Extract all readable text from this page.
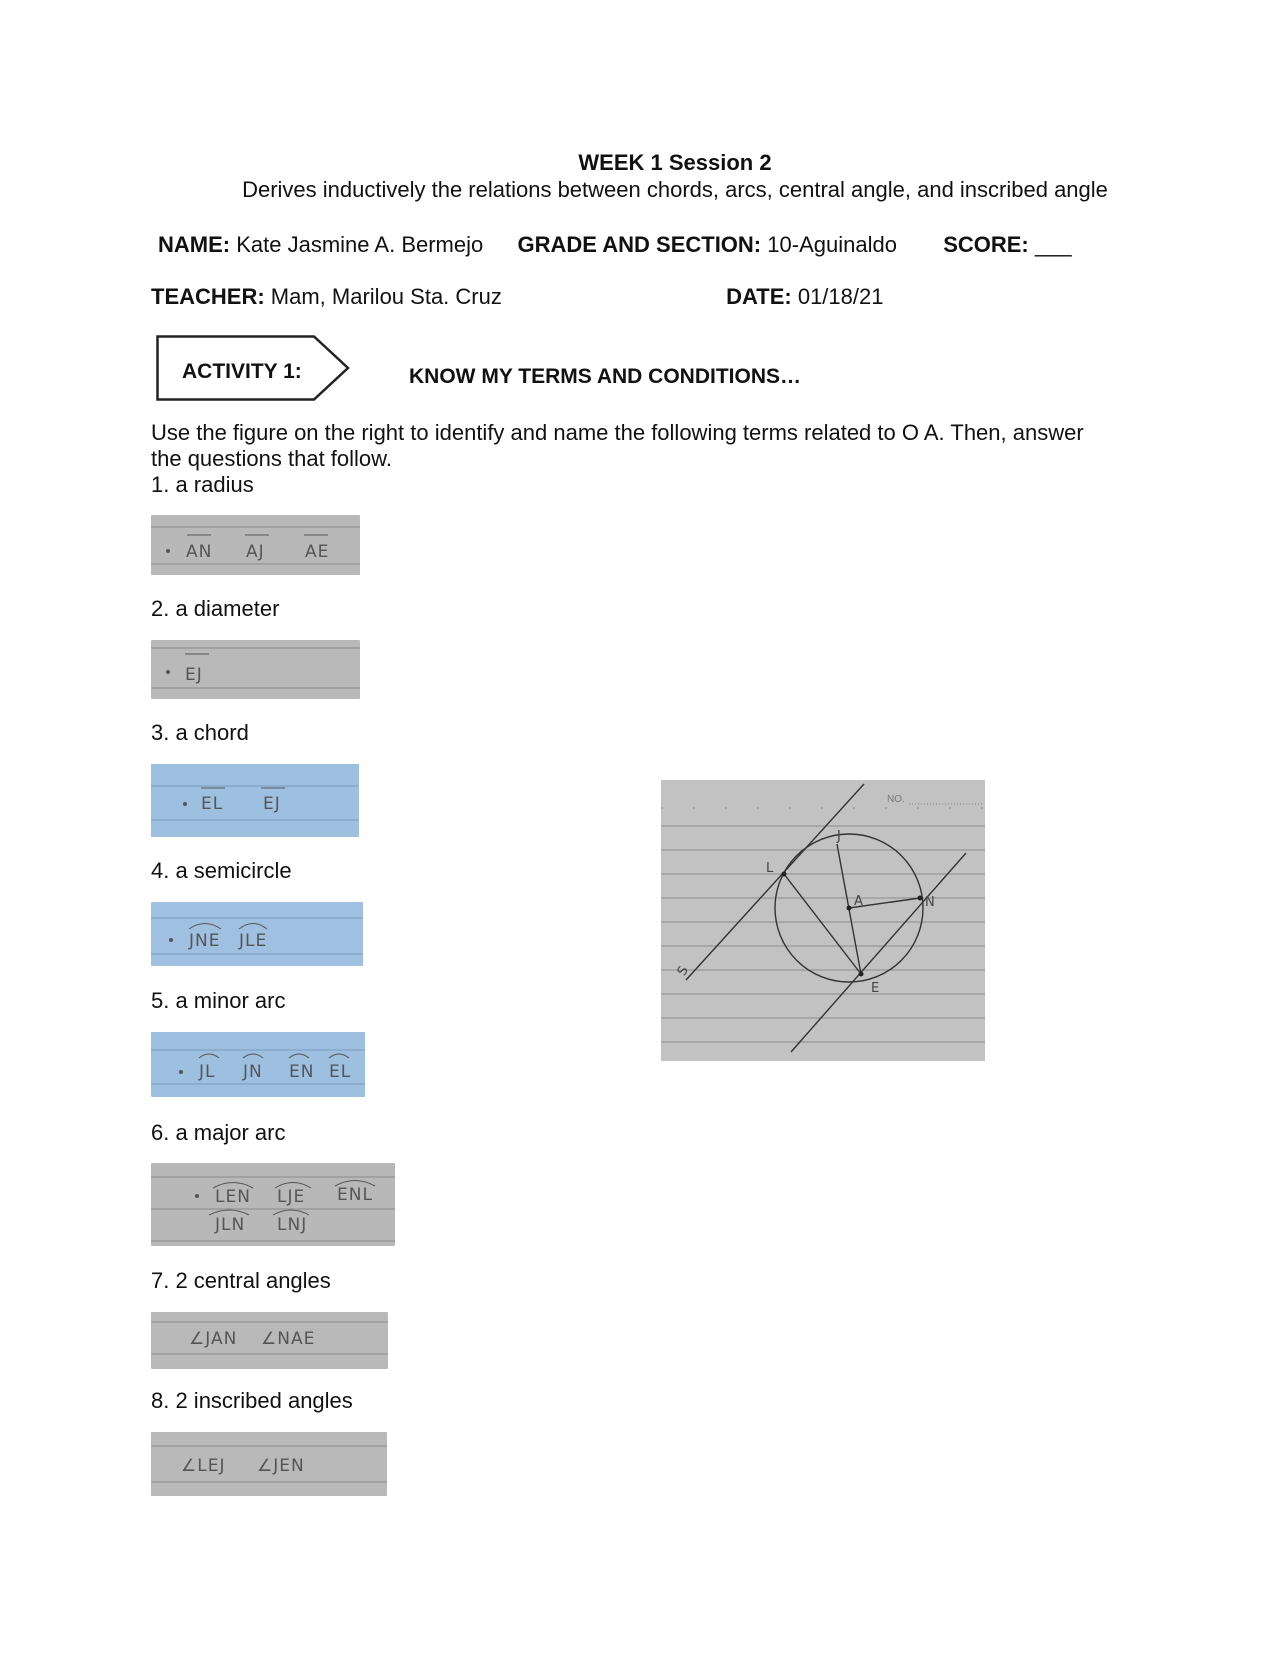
WEEK 1 Session 2
Derives inductively the relations between chords, arcs, central angle, and inscribed angle
NAME: Kate Jasmine A. Bermejo GRADE AND SECTION: 10-Aguinaldo SCORE: ___
TEACHER: Mam, Marilou Sta. Cruz	DATE: 01/18/21
ACTIVITY 1:	KNOW MY TERMS AND CONDITIONS…
Use the figure on the right to identify and name the following terms related to O A. Then, answer the questions that follow.
1. a radius
AN AJ AE
2. a diameter
EJ
3. a chord
EL EJ
4. a semicircle
JNE JLE
5. a minor arc
JL JN EN EL
6. a major arc
LEN LJE ENL
JLN LNJ
7. 2 central angles
∠JAN ∠NAE
8. 2 inscribed angles
∠LEJ ∠JEN
NO.
J
L
A	N
E
S
